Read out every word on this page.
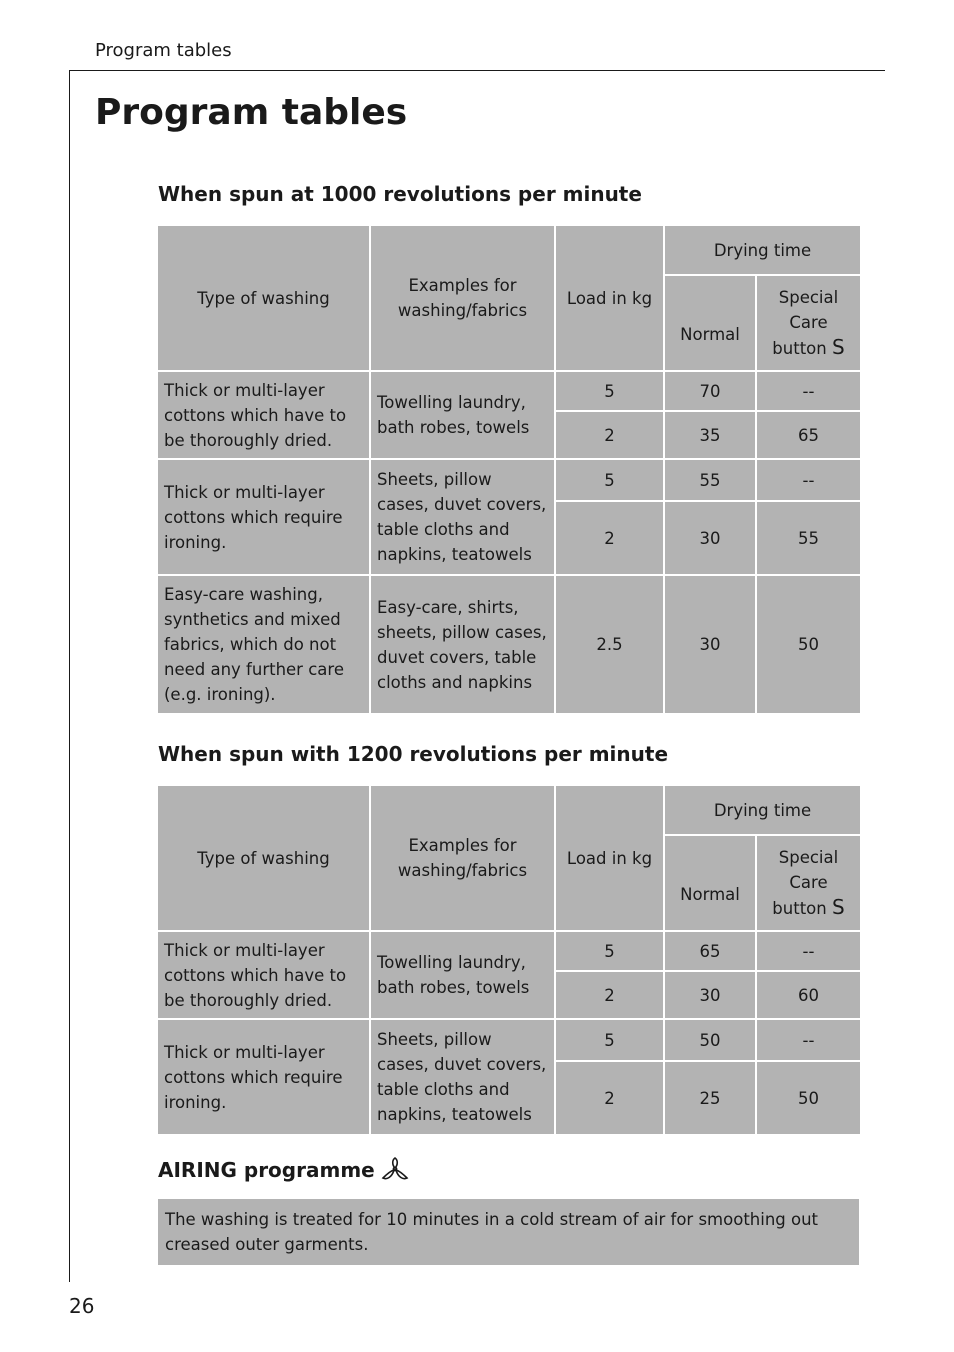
Program tables
Program tables
When spun at 1000 revolutions per minute
Type of washing	Examples for washing/fabrics	Load in kg	Drying time	
			Normal	Special Care button S
Thick or multi-layer cottons which have to be thoroughly dried.	Towelling laundry, bath robes, towels	5	70	--
		2	35	65
Thick or multi-layer cottons which require ironing.	Sheets, pillow cases, duvet covers, table cloths and napkins, teatowels	5	55	--
		2	30	55
Easy-care washing, synthetics and mixed fabrics, which do not need any further care (e.g. ironing).	Easy-care, shirts, sheets, pillow cases, duvet covers, table cloths and napkins	2.5	30	50
When spun with 1200 revolutions per minute
Type of washing	Examples for washing/fabrics	Load in kg	Drying time	
			Normal	Special Care button S
Thick or multi-layer cottons which have to be thoroughly dried.	Towelling laundry, bath robes, towels	5	65	--
		2	30	60
Thick or multi-layer cottons which require ironing.	Sheets, pillow cases, duvet covers, table cloths and napkins, teatowels	5	50	--
		2	25	50
AIRING programme
The washing is treated for 10 minutes in a cold stream of air for smoothing out creased outer garments.
26
